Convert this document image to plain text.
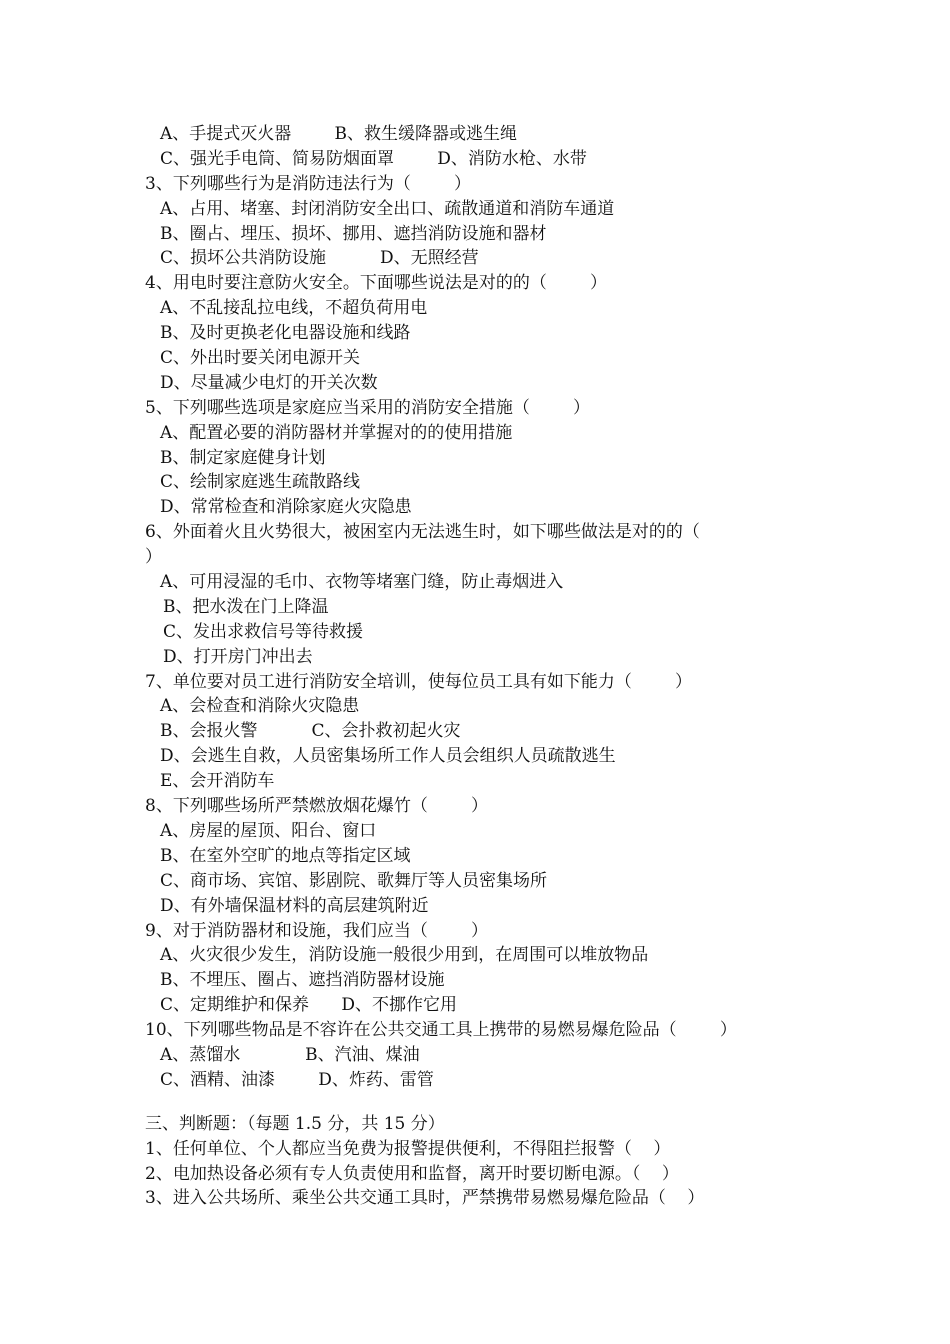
A、手提式灭火器        B、救生缓降器或逃生绳
C、强光手电筒、简易防烟面罩        D、消防水枪、水带
3、下列哪些行为是消防违法行为（        ）
A、占用、堵塞、封闭消防安全出口、疏散通道和消防车通道
B、圈占、埋压、损坏、挪用、遮挡消防设施和器材
C、损坏公共消防设施          D、无照经营
4、用电时要注意防火安全。下面哪些说法是对的的（        ）
A、不乱接乱拉电线，不超负荷用电
B、及时更换老化电器设施和线路
C、外出时要关闭电源开关
D、尽量减少电灯的开关次数
5、下列哪些选项是家庭应当采用的消防安全措施（        ）
A、配置必要的消防器材并掌握对的的使用措施
B、制定家庭健身计划
C、绘制家庭逃生疏散路线
D、常常检查和消除家庭火灾隐患
6、外面着火且火势很大，被困室内无法逃生时，如下哪些做法是对的的（
）
A、可用浸湿的毛巾、衣物等堵塞门缝，防止毒烟进入
B、把水泼在门上降温
C、发出求救信号等待救援
D、打开房门冲出去
7、单位要对员工进行消防安全培训，使每位员工具有如下能力（        ）
A、会检查和消除火灾隐患
B、会报火警          C、会扑救初起火灾
D、会逃生自救，人员密集场所工作人员会组织人员疏散逃生
E、会开消防车
8、下列哪些场所严禁燃放烟花爆竹（        ）
A、房屋的屋顶、阳台、窗口
B、在室外空旷的地点等指定区域
C、商市场、宾馆、影剧院、歌舞厅等人员密集场所
D、有外墙保温材料的高层建筑附近
9、对于消防器材和设施，我们应当（        ）
A、火灾很少发生，消防设施一般很少用到，在周围可以堆放物品
B、不埋压、圈占、遮挡消防器材设施
C、定期维护和保养      D、不挪作它用
10、下列哪些物品是不容许在公共交通工具上携带的易燃易爆危险品（        ）
A、蒸馏水            B、汽油、煤油
C、酒精、油漆        D、炸药、雷管
三、判断题：（每题 1.5 分，共 15 分）
1、任何单位、个人都应当免费为报警提供便利，不得阻拦报警（    ）
2、电加热设备必须有专人负责使用和监督，离开时要切断电源。（    ）
3、进入公共场所、乘坐公共交通工具时，严禁携带易燃易爆危险品（    ）
